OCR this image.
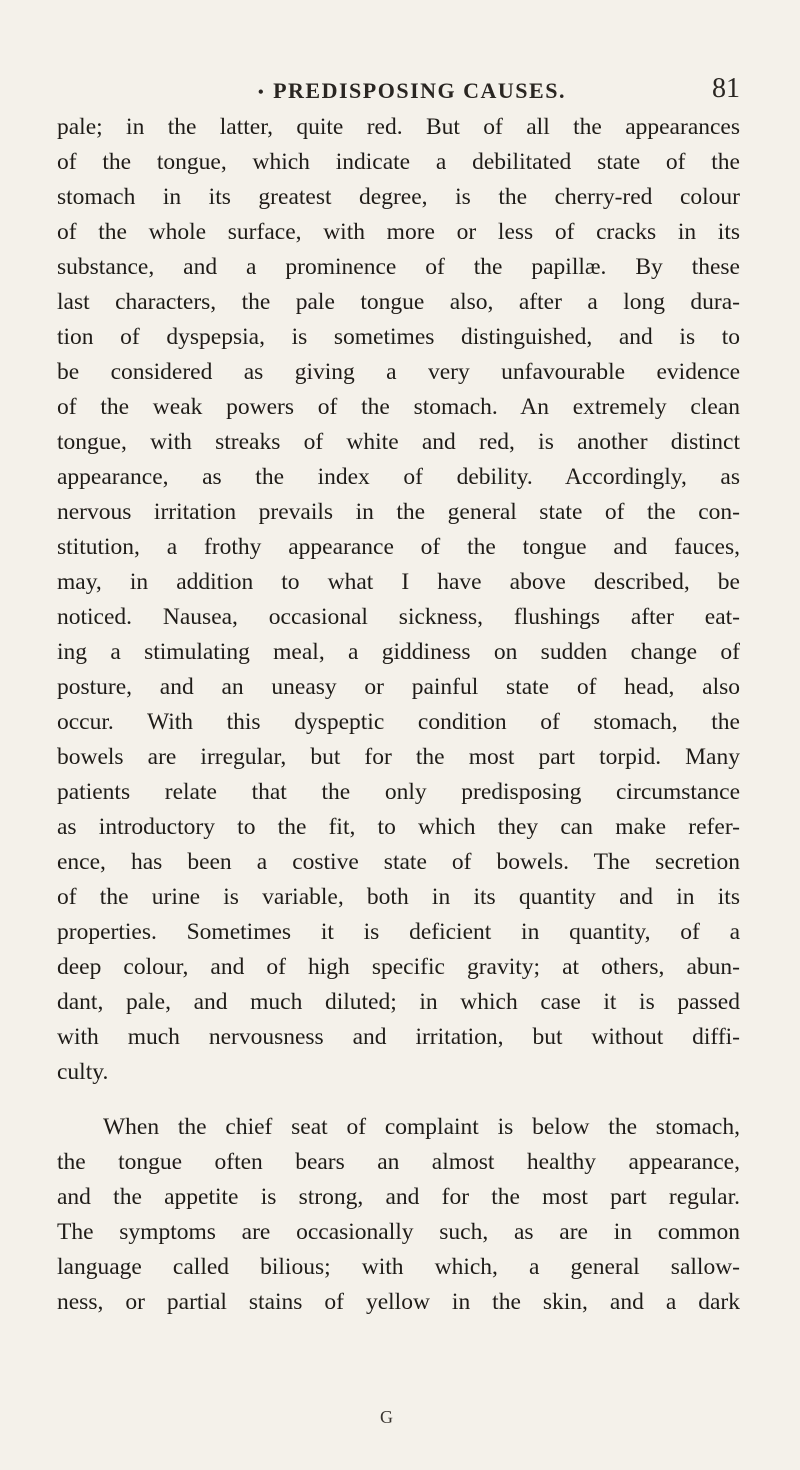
• PREDISPOSING CAUSES.	81
pale; in the latter, quite red. But of all the appearances
of the tongue, which indicate a debilitated state of the
stomach in its greatest degree, is the cherry-red colour
of the whole surface, with more or less of cracks in its
substance, and a prominence of the papillæ. By these
last characters, the pale tongue also, after a long dura-
tion of dyspepsia, is sometimes distinguished, and is to
be considered as giving a very unfavourable evidence
of the weak powers of the stomach. An extremely clean
tongue, with streaks of white and red, is another distinct
appearance, as the index of debility. Accordingly, as
nervous irritation prevails in the general state of the con-
stitution, a frothy appearance of the tongue and fauces,
may, in addition to what I have above described, be
noticed. Nausea, occasional sickness, flushings after eat-
ing a stimulating meal, a giddiness on sudden change of
posture, and an uneasy or painful state of head, also
occur. With this dyspeptic condition of stomach, the
bowels are irregular, but for the most part torpid. Many
patients relate that the only predisposing circumstance
as introductory to the fit, to which they can make refer-
ence, has been a costive state of bowels. The secretion
of the urine is variable, both in its quantity and in its
properties. Sometimes it is deficient in quantity, of a
deep colour, and of high specific gravity; at others, abun-
dant, pale, and much diluted; in which case it is passed
with much nervousness and irritation, but without diffi-
culty.
When the chief seat of complaint is below the stomach,
the tongue often bears an almost healthy appearance,
and the appetite is strong, and for the most part regular.
The symptoms are occasionally such, as are in common
language called bilious; with which, a general sallow-
ness, or partial stains of yellow in the skin, and a dark
G
